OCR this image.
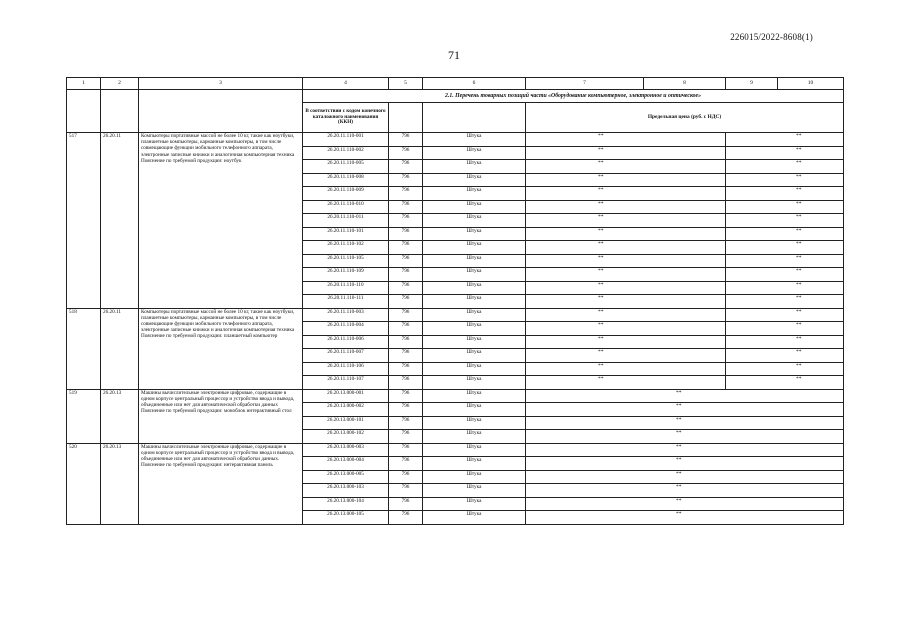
226015/2022-8608(1)
71
1	2	3	4	5	6	7	8	9	10
			2.1. Перечень товарных позиций части «Оборудование компьютерное, электронное и оптическое»						
			В соответствии с кодом конечного каталожного наименования (ККН)			Предельная цена (руб. с НДС)			
517	26.20.11	Компьютеры портативные массой не более 10 кг, такие как ноутбуки, планшетные компьютеры, карманные компьютеры, в том числе совмещающие функции мобильного телефонного аппарата, электронные записные книжки и аналогичная компьютерная техника Пояснение по требуемой продукции: ноутбук	26.20.11.110-001	796	Штука	**		**	

			26.20.11.110-002	796	Штука	**		**	

			26.20.11.110-005	796	Штука	**		**	

			26.20.11.110-008	796	Штука	**		**	

			26.20.11.110-009	796	Штука	**		**	

			26.20.11.110-010	796	Штука	**		**	

			26.20.11.110-011	796	Штука	**		**	

			26.20.11.110-101	796	Штука	**		**	

			26.20.11.110-102	796	Штука	**		**	

			26.20.11.110-105	796	Штука	**		**	

			26.20.11.110-109	796	Штука	**		**	

			26.20.11.110-110	796	Штука	**		**	

			26.20.11.110-111	796	Штука	**		**	

518	26.20.11	Компьютеры портативные массой не более 10 кг, такие как ноутбуки, планшетные компьютеры, карманные компьютеры, в том числе совмещающие функции мобильного телефонного аппарата, электронные записные книжки и аналогичная компьютерная техника Пояснение по требуемой продукции: планшетный компьютер	26.20.11.110-003	796	Штука	**		**	

			26.20.11.110-004	796	Штука	**		**	

			26.20.11.110-006	796	Штука	**		**	

			26.20.11.110-007	796	Штука	**		**	

			26.20.11.110-106	796	Штука	**		**	

			26.20.11.110-107	796	Штука	**		**	

519	26.20.13	Машины вычислительные электронные цифровые, содержащие в одном корпусе центральный процессор и устройство ввода и вывода, объединенные или нет для автоматической обработки данных Пояснение по требуемой продукции: моноблок интерактивный стол	26.20.13.000-001	796	Штука	**			

			26.20.13.000-002	796	Штука	**			

			26.20.13.000-101	796	Штука	**			

			26.20.13.000-102	796	Штука	**			

520	26.20.13	Машины вычислительные электронные цифровые, содержащие в одном корпусе центральный процессор и устройство ввода и вывода, объединенные или нет для автоматической обработки данных. Пояснение по требуемой продукции: интерактивная панель	26.20.13.000-003	796	Штука	**			

			26.20.13.000-004	796	Штука	**			

			26.20.13.000-005	796	Штука	**			

			26.20.13.000-103	796	Штука	**			

			26.20.13.000-104	796	Штука	**			

			26.20.13.000-105	796	Штука	**			
